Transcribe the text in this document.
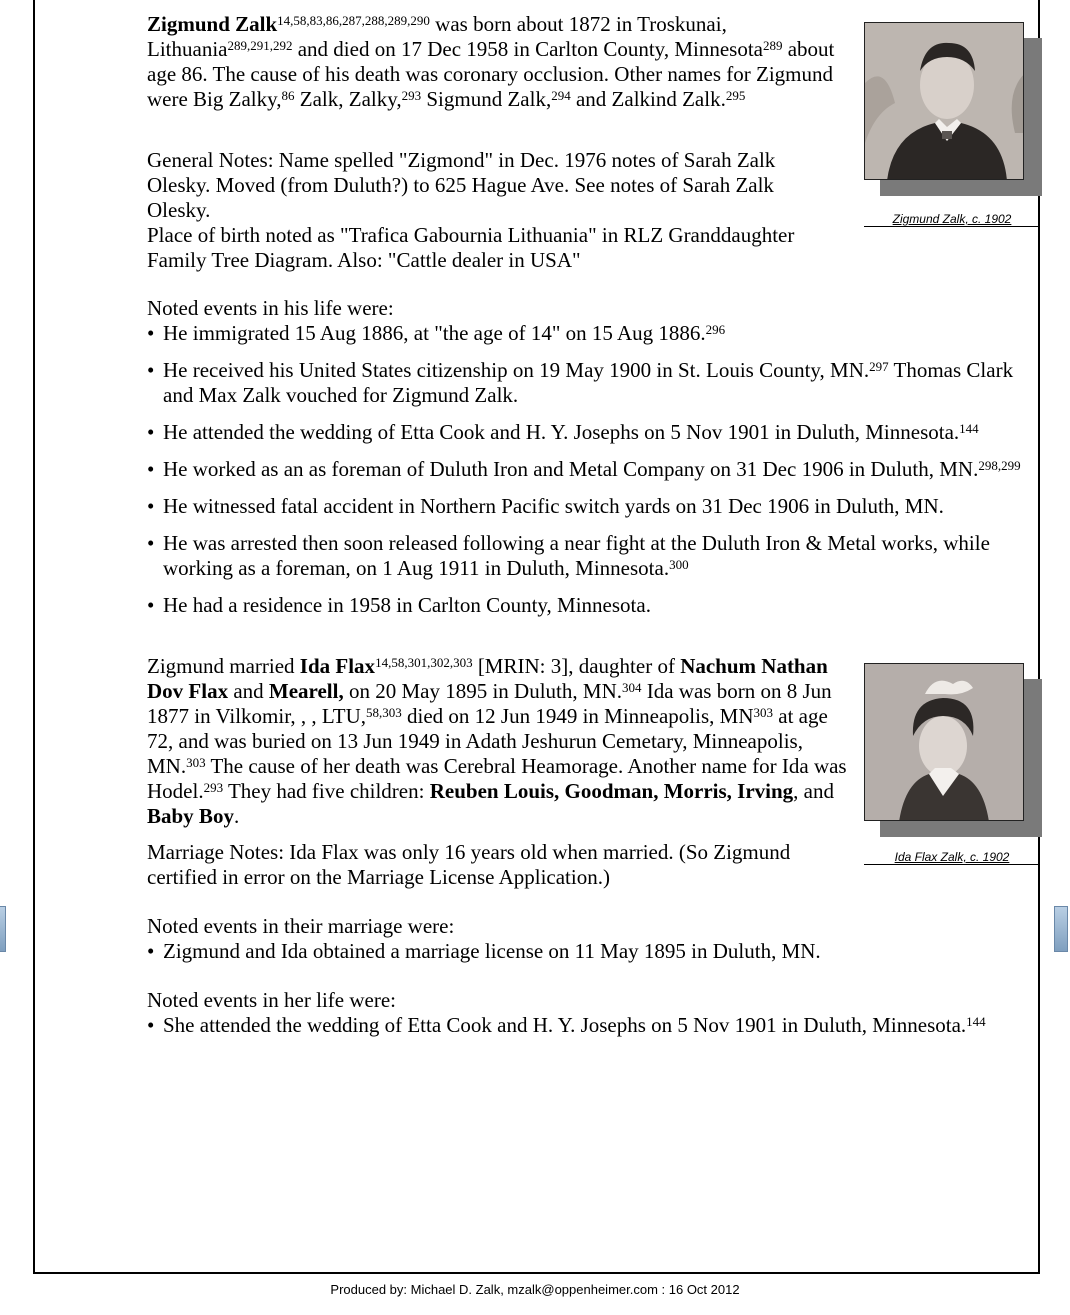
Zigmund Zalk$^{14,58,83,86,287,288,289,290}$ was born about 1872 in Troskunai, Lithuania$^{289,291,292}$ and died on 17 Dec 1958 in Carlton County, Minnesota$^{289}$ about age 86. The cause of his death was coronary occlusion. Other names for Zigmund were Big Zalky,$^{86}$ Zalk, Zalky,$^{293}$ Sigmund Zalk,$^{294}$ and Zalkind Zalk.$^{295}$

General Notes: Name spelled "Zigmond" in Dec. 1976 notes of Sarah Zalk Olesky. Moved (from Duluth?) to 625 Hague Ave. See notes of Sarah Zalk Olesky.

Place of birth noted as "Trafica Gabournia Lithuania" in RLZ Granddaughter Family Tree Diagram. Also: "Cattle dealer in USA"

Noted events in his life were:

• He immigrated 15 Aug 1886, at "the age of 14" on 15 Aug 1886.$^{296}$
• He received his United States citizenship on 19 May 1900 in St. Louis County, MN.$^{297}$ Thomas Clark and Max Zalk vouched for Zigmund Zalk.
• He attended the wedding of Etta Cook and H. Y. Josephs on 5 Nov 1901 in Duluth, Minnesota.$^{144}$
• He worked as an as foreman of Duluth Iron and Metal Company on 31 Dec 1906 in Duluth, MN.$^{298,299}$
• He witnessed fatal accident in Northern Pacific switch yards on 31 Dec 1906 in Duluth, MN.
• He was arrested then soon released following a near fight at the Duluth Iron & Metal works, while working as a foreman, on 1 Aug 1911 in Duluth, Minnesota.$^{300}$
• He had a residence in 1958 in Carlton County, Minnesota.

Zigmund married Ida Flax$^{14,58,301,302,303}$ [MRIN: 3], daughter of Nachum Nathan Dov Flax and Mearell, on 20 May 1895 in Duluth, MN.$^{304}$ Ida was born on 8 Jun 1877 in Vilkomir, , , LTU,$^{58,303}$ died on 12 Jun 1949 in Minneapolis, MN$^{303}$ at age 72, and was buried on 13 Jun 1949 in Adath Jeshurun Cemetary, Minneapolis, MN.$^{303}$ The cause of her death was Cerebral Heamorage. Another name for Ida was Hodel.$^{293}$ They had five children: Reuben Louis, Goodman, Morris, Irving, and Baby Boy.

Marriage Notes: Ida Flax was only 16 years old when married. (So Zigmund certified in error on the Marriage License Application.)

Noted events in their marriage were:

• Zigmund and Ida obtained a marriage license on 11 May 1895 in Duluth, MN.

Noted events in her life were:

• She attended the wedding of Etta Cook and H. Y. Josephs on 5 Nov 1901 in Duluth, Minnesota.$^{144}$
Zigmund Zalk, c. 1902
Ida Flax Zalk, c. 1902
Produced by: Michael D. Zalk, mzalk@oppenheimer.com : 16 Oct 2012
